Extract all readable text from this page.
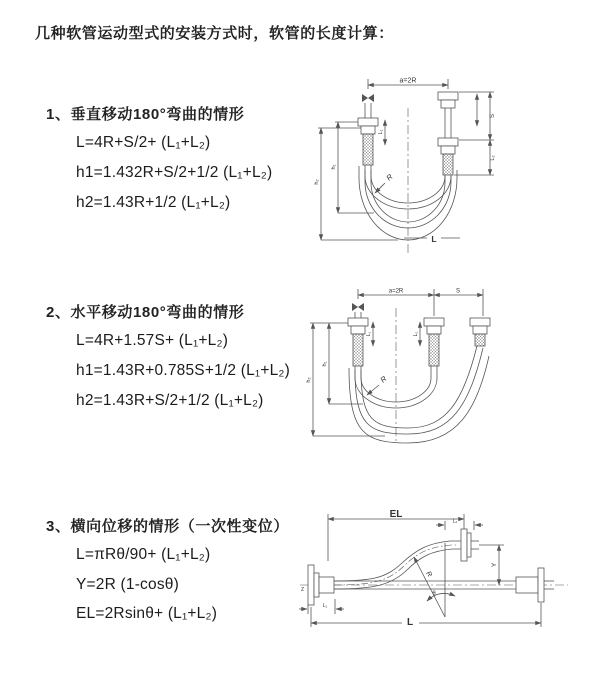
几种软管运动型式的安装方式时，软管的长度计算：
1、垂直移动180°弯曲的情形
L=4R+S/2+ (L₁+L₂)
h1=1.432R+S/2+1/2 (L₁+L₂)
h2=1.43R+1/2 (L₁+L₂)
2、水平移动180°弯曲的情形
L=4R+1.57S+ (L₁+L₂)
h1=1.43R+0.785S+1/2 (L₁+L₂)
h2=1.43R+S/2+1/2 (L₁+L₂)
3、横向位移的情形（一次性变位）
L=πRθ/90+ (L₁+L₂)
Y=2R (1-cosθ)
EL=2Rsinθ+ (L₁+L₂)
a=2R
L₁
S
L₂
h₁
h₂	R
L
a=2R	S
L₁	L₂
h₂
h₁
R
EL
L₂
Y
R
θ
L
L₁
Z
